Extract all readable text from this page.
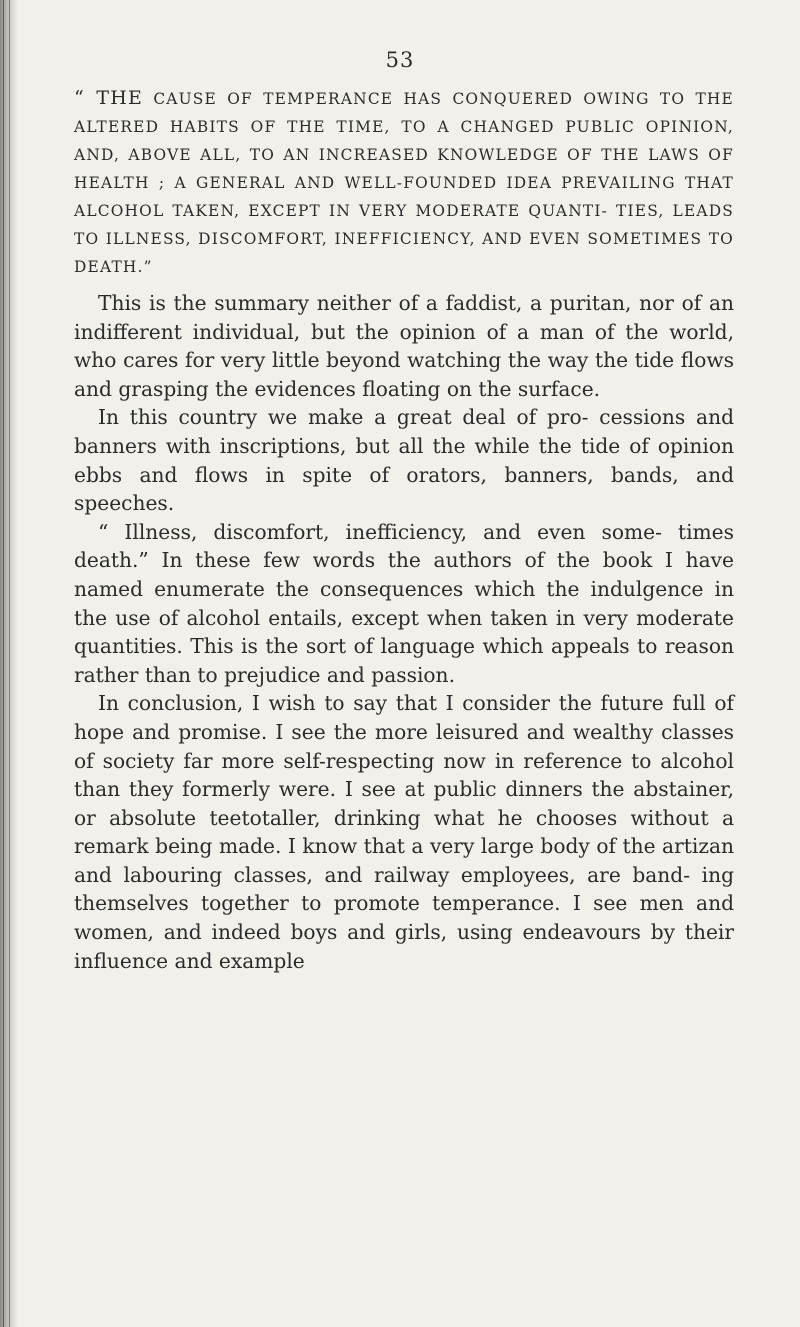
53
“ THE CAUSE OF TEMPERANCE HAS CONQUERED OWING TO THE ALTERED HABITS OF THE TIME, TO A CHANGED PUBLIC OPINION, AND, ABOVE ALL, TO AN INCREASED KNOWLEDGE OF THE LAWS OF HEALTH ; A GENERAL AND WELL-FOUNDED IDEA PREVAILING THAT ALCOHOL TAKEN, EXCEPT IN VERY MODERATE QUANTI- TIES, LEADS TO ILLNESS, DISCOMFORT, INEFFICIENCY, AND EVEN SOMETIMES TO DEATH.”

This is the summary neither of a faddist, a puritan, nor of an indifferent individual, but the opinion of a man of the world, who cares for very little beyond watching the way the tide flows and grasping the evidences floating on the surface.

In this country we make a great deal of pro- cessions and banners with inscriptions, but all the while the tide of opinion ebbs and flows in spite of orators, banners, bands, and speeches.

“ Illness, discomfort, inefficiency, and even some- times death.” In these few words the authors of the book I have named enumerate the consequences which the indulgence in the use of alcohol entails, except when taken in very moderate quantities. This is the sort of language which appeals to reason rather than to prejudice and passion.

In conclusion, I wish to say that I consider the future full of hope and promise. I see the more leisured and wealthy classes of society far more self-respecting now in reference to alcohol than they formerly were. I see at public dinners the abstainer, or absolute teetotaller, drinking what he chooses without a remark being made. I know that a very large body of the artizan and labouring classes, and railway employees, are band- ing themselves together to promote temperance. I see men and women, and indeed boys and girls, using endeavours by their influence and example
